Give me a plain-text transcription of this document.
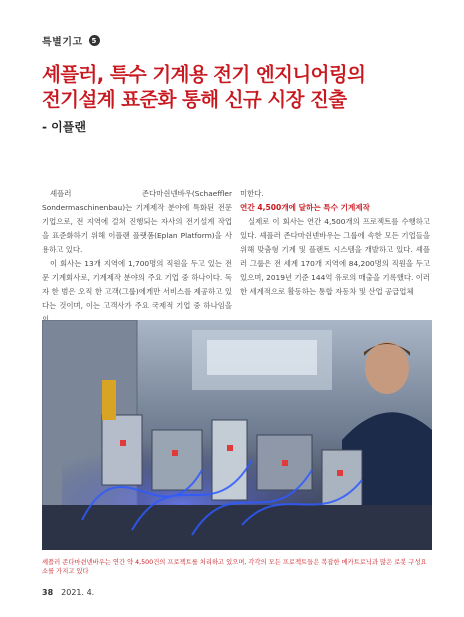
특별기고	5
셰플러, 특수 기계용 전기 엔지니어링의
전기설계 표준화 통해 신규 시장 진출
- 이플랜

셰플러 존다마쉰넨바우(Schaeffler Sondermaschinenbau)는 기계제작 분야에 특화된 전문기업으로, 전 지역에 걸쳐 진행되는 자사의 전기설계 작업을 표준화하기 위해 이플랜 플랫폼(Eplan Platform)을 사용하고 있다.

이 회사는 13개 지역에 1,700명의 직원을 두고 있는 전문 기계회사로, 기계제작 분야의 주요 기업 중 하나이다. 독자 한 범은 오직 한 고객(그룹)에게만 서비스를 제공하고 있다는 것이며, 이는 고객사가 주요 국제적 기업 중 하나임을

미한다.

연간 4,500개에 달하는 특수 기계제작

실제로 이 회사는 연간 4,500개의 프로젝트를 수행하고 있다. 셰플러 존다마쉰넨바우는 그룹에 속한 모든 기업들을 위해 맞춤형 기계 및 플랜트 시스템을 개발하고 있다. 셰플러 그룹은 전 세계 170개 지역에 84,200명의 직원을 두고 있으며, 2019년 기준 144억 유로의 매출을 기록했다. 이러한 세계적으로 활동하는 통합 자동차 및 산업 공급업체

셰플러 존다마쉰넨바우는 연간 약 4,500건의 프로젝트를 처리하고 있으며, 각각의 모든 프로젝트들은 복잡한 메카트로닉과 많은 로봇 구성요소를 가지고 있다
38 2021. 4.
